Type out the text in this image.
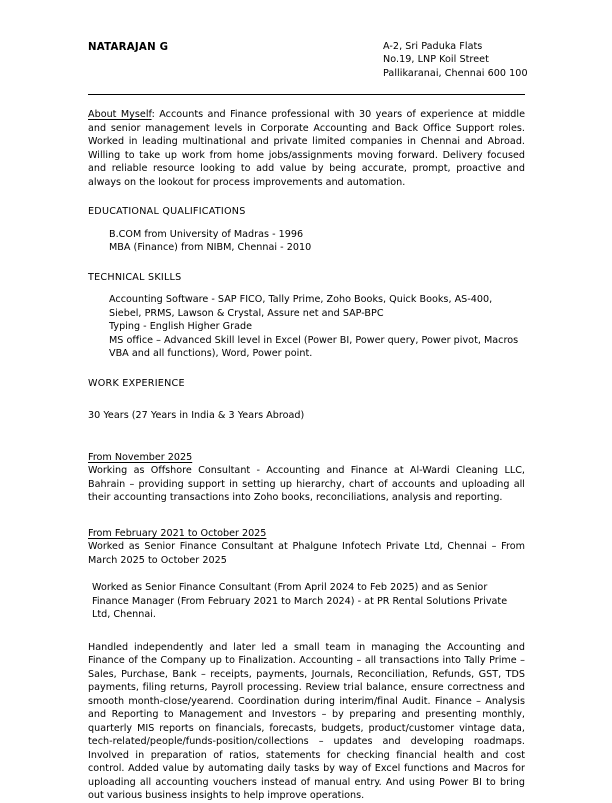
NATARAJAN G	A-2, Sri Paduka Flats
No.19, LNP Koil Street
Pallikaranai, Chennai 600 100

About Myself: Accounts and Finance professional with 30 years of experience at middle and senior management levels in Corporate Accounting and Back Office Support roles. Worked in leading multinational and private limited companies in Chennai and Abroad. Willing to take up work from home jobs/assignments moving forward. Delivery focused and reliable resource looking to add value by being accurate, prompt, proactive and always on the lookout for process improvements and automation.

EDUCATIONAL QUALIFICATIONS

B.COM from University of Madras - 1996

MBA (Finance) from NIBM, Chennai - 2010

TECHNICAL SKILLS

Accounting Software - SAP FICO, Tally Prime, Zoho Books, Quick Books, AS-400, Siebel, PRMS, Lawson & Crystal, Assure net and SAP-BPC

Typing - English Higher Grade

MS office – Advanced Skill level in Excel (Power BI, Power query, Power pivot, Macros VBA and all functions), Word, Power point.

WORK EXPERIENCE

30 Years (27 Years in India & 3 Years Abroad)

From November 2025

Working as Offshore Consultant - Accounting and Finance at Al-Wardi Cleaning LLC, Bahrain – providing support in setting up hierarchy, chart of accounts and uploading all their accounting transactions into Zoho books, reconciliations, analysis and reporting.

From February 2021 to October 2025

Worked as Senior Finance Consultant at Phalgune Infotech Private Ltd, Chennai – From March 2025 to October 2025

Worked as Senior Finance Consultant (From April 2024 to Feb 2025) and as Senior Finance Manager (From February 2021 to March 2024) - at PR Rental Solutions Private Ltd, Chennai.

Handled independently and later led a small team in managing the Accounting and Finance of the Company up to Finalization. Accounting – all transactions into Tally Prime – Sales, Purchase, Bank – receipts, payments, Journals, Reconciliation, Refunds, GST, TDS payments, filing returns, Payroll processing. Review trial balance, ensure correctness and smooth month-close/yearend. Coordination during interim/final Audit. Finance – Analysis and Reporting to Management and Investors – by preparing and presenting monthly, quarterly MIS reports on financials, forecasts, budgets, product/customer vintage data, tech-related/people/funds-position/collections – updates and developing roadmaps. Involved in preparation of ratios, statements for checking financial health and cost control. Added value by automating daily tasks by way of Excel functions and Macros for uploading all accounting vouchers instead of manual entry. And using Power BI to bring out various business insights to help improve operations.
